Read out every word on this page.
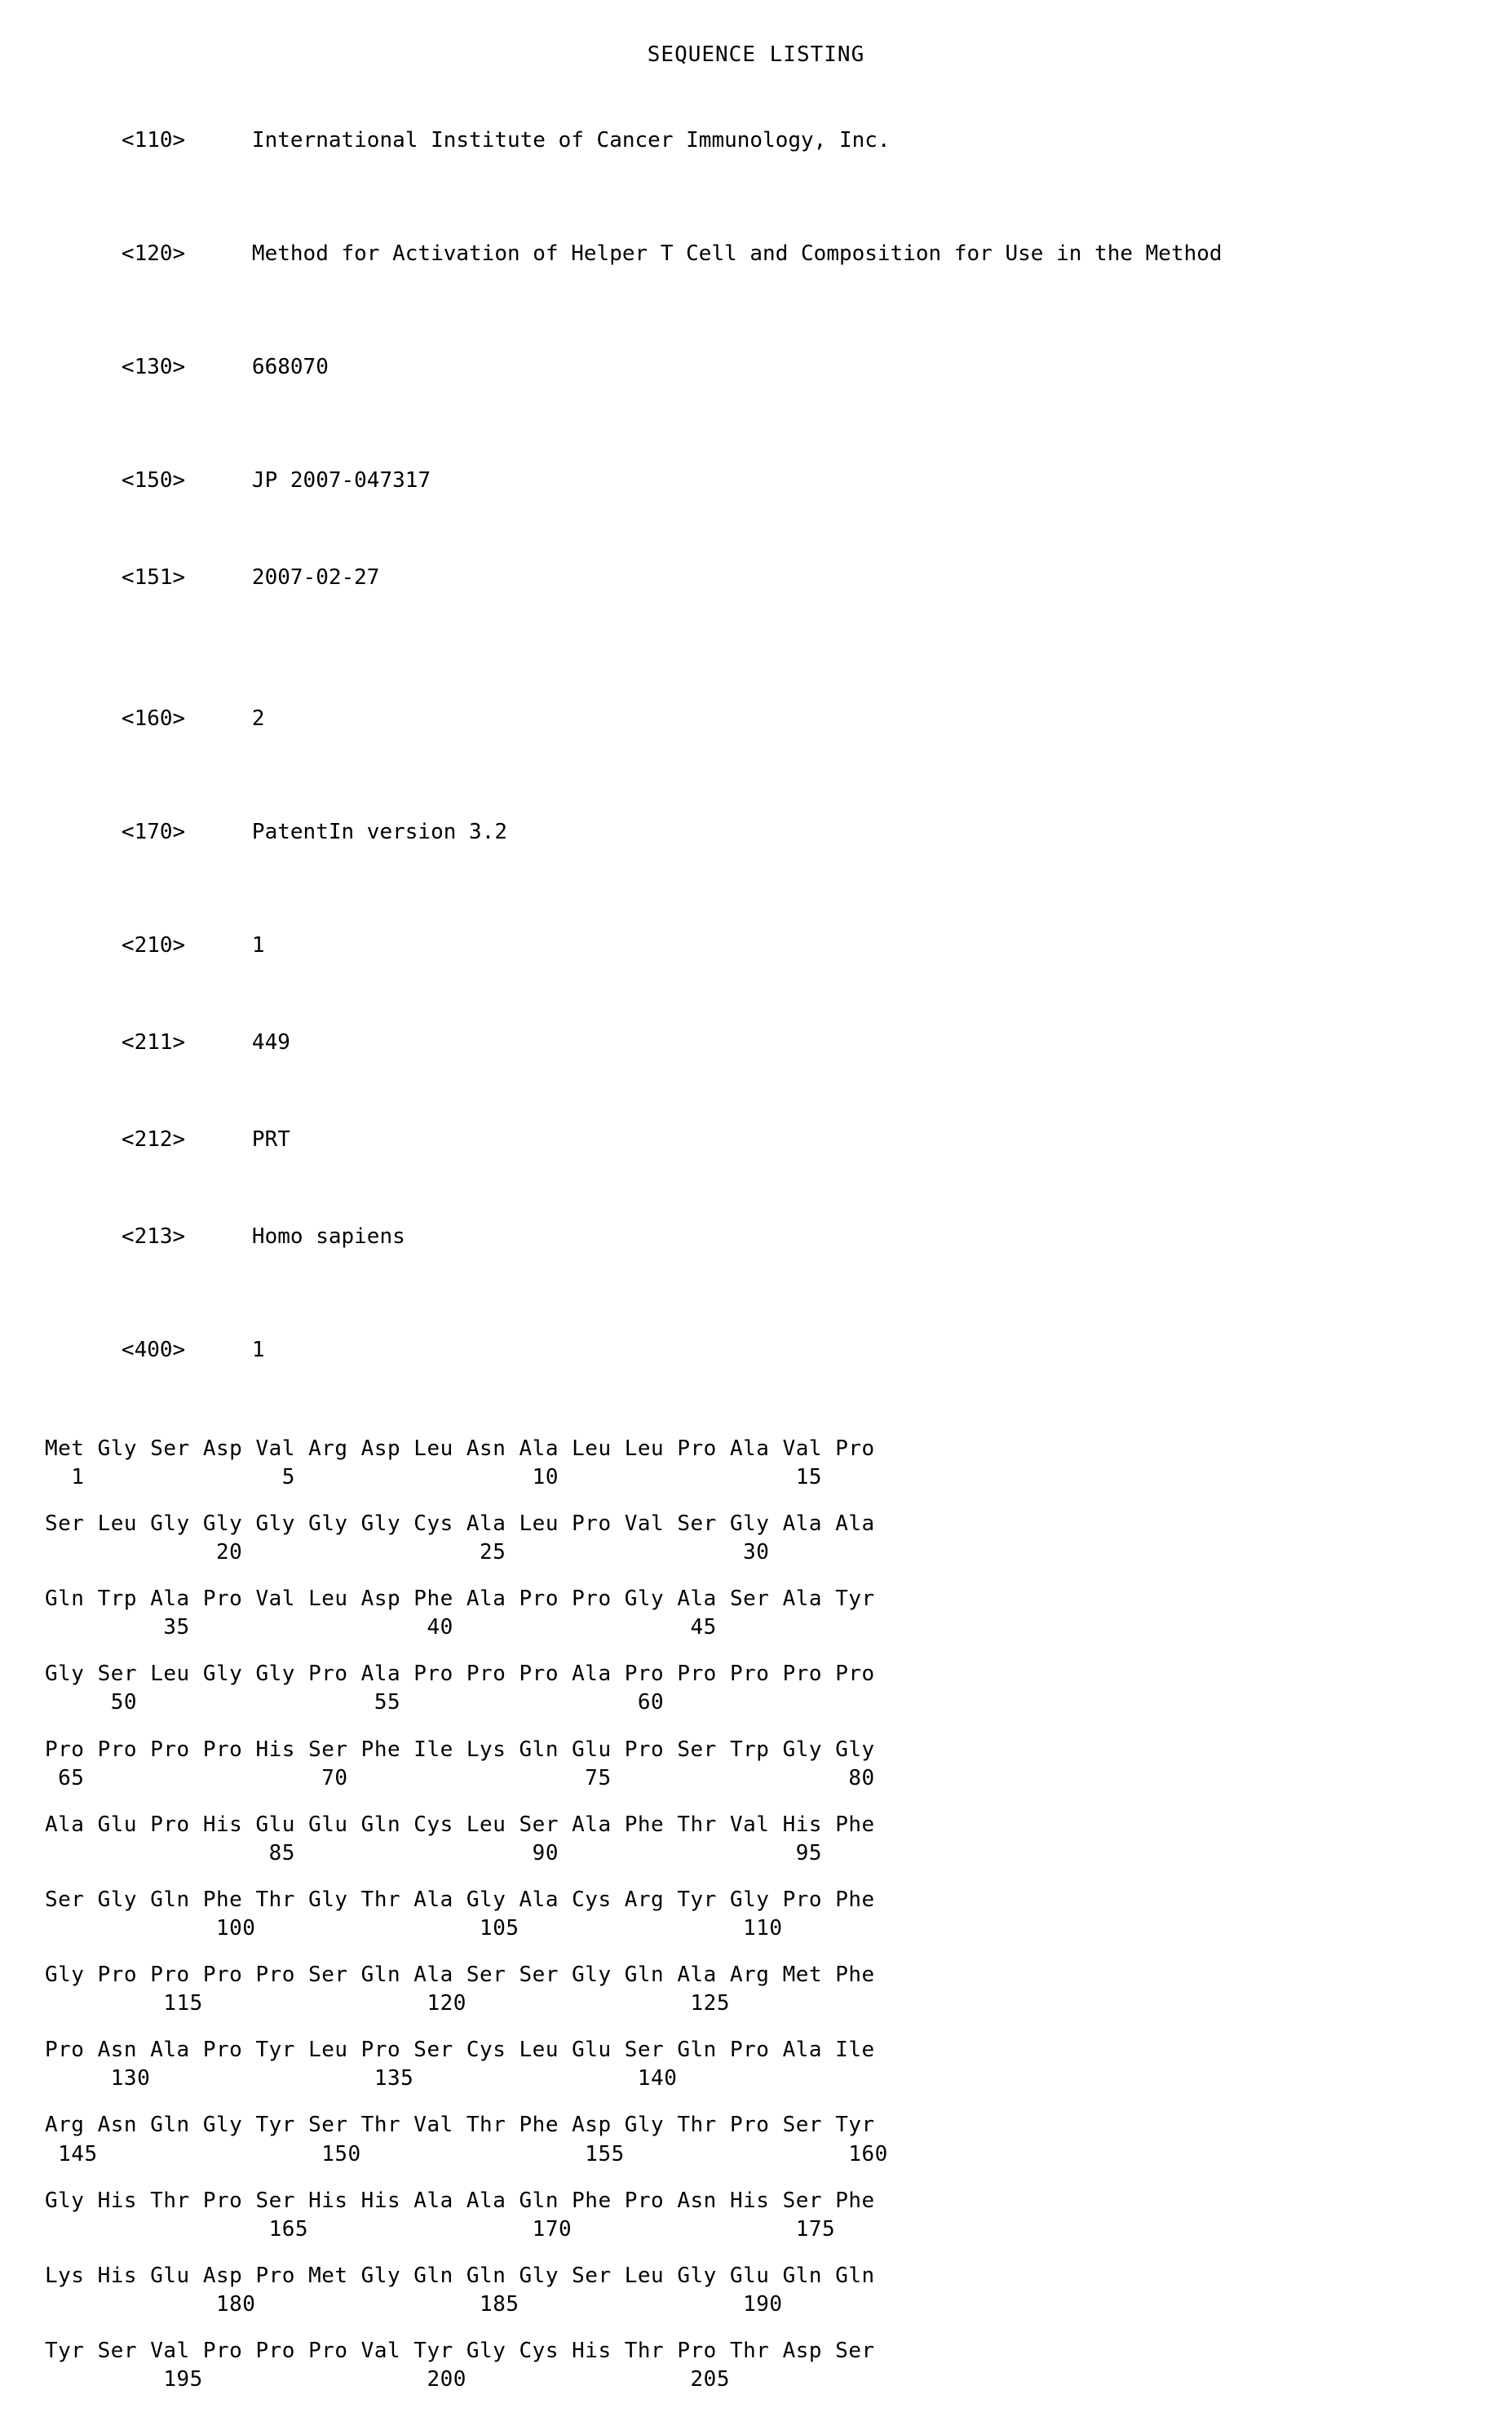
SEQUENCE LISTING

<110>	International Institute of Cancer Immunology, Inc.

<120>	Method for Activation of Helper T Cell and Composition for Use in the Method

<130>	668070

<150>	JP 2007-047317

<151>	2007-02-27

<160>	2

<170>	PatentIn version 3.2

<210>	1

<211>	449

<212>	PRT

<213>	Homo sapiens

<400>	1

Met Gly Ser Asp Val Arg Asp Leu Asn Ala Leu Leu Pro Ala Val Pro
1               5                  10                  15
Ser Leu Gly Gly Gly Gly Gly Cys Ala Leu Pro Val Ser Gly Ala Ala
20                  25                  30
Gln Trp Ala Pro Val Leu Asp Phe Ala Pro Pro Gly Ala Ser Ala Tyr
35                  40                  45
Gly Ser Leu Gly Gly Pro Ala Pro Pro Pro Ala Pro Pro Pro Pro Pro
50                  55                  60
Pro Pro Pro Pro His Ser Phe Ile Lys Gln Glu Pro Ser Trp Gly Gly
65                  70                  75                  80
Ala Glu Pro His Glu Glu Gln Cys Leu Ser Ala Phe Thr Val His Phe
85                  90                  95
Ser Gly Gln Phe Thr Gly Thr Ala Gly Ala Cys Arg Tyr Gly Pro Phe
100                 105                 110
Gly Pro Pro Pro Pro Ser Gln Ala Ser Ser Gly Gln Ala Arg Met Phe
115                 120                 125
Pro Asn Ala Pro Tyr Leu Pro Ser Cys Leu Glu Ser Gln Pro Ala Ile
130                 135                 140
Arg Asn Gln Gly Tyr Ser Thr Val Thr Phe Asp Gly Thr Pro Ser Tyr
145                 150                 155                 160
Gly His Thr Pro Ser His His Ala Ala Gln Phe Pro Asn His Ser Phe
165                 170                 175
Lys His Glu Asp Pro Met Gly Gln Gln Gly Ser Leu Gly Glu Gln Gln
180                 185                 190
Tyr Ser Val Pro Pro Pro Val Tyr Gly Cys His Thr Pro Thr Asp Ser
195                 200                 205
